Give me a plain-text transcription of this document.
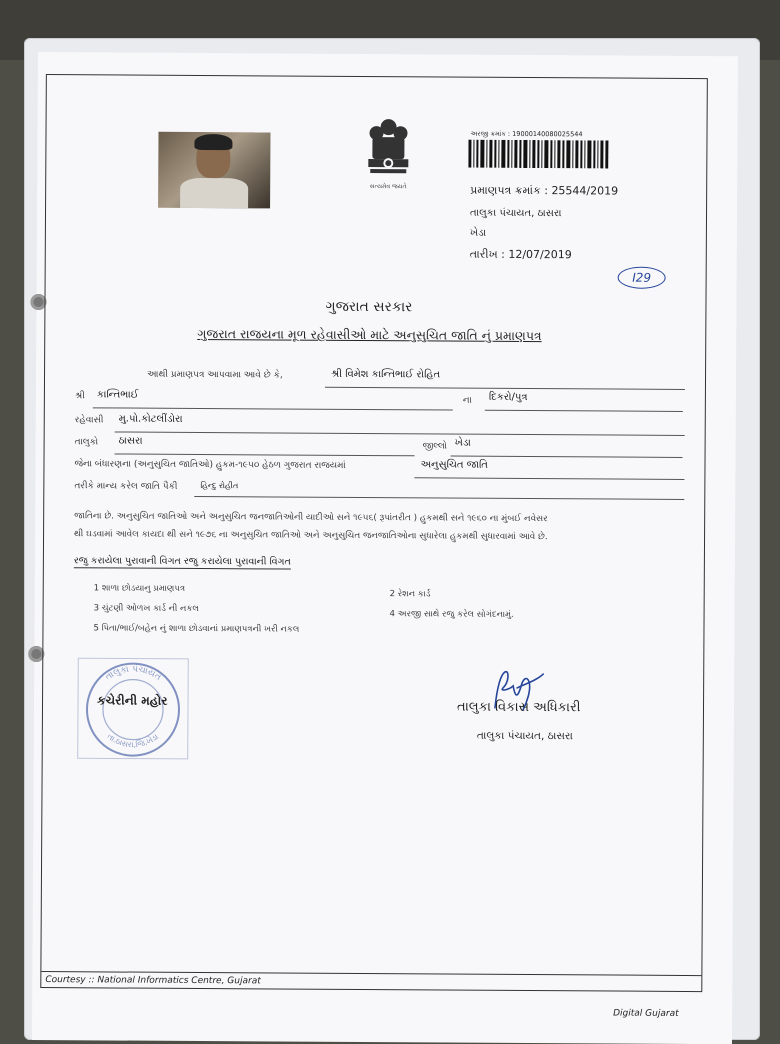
સત્યમેવ જયતે
અરજી ક્રમાંક : 19000140080025544
પ્રમાણપત્ર ક્રમાંક : 25544/2019
તાલુકા પંચાયત, ઠાસરા
ખેડા
તારીખ : 12/07/2019
I29
ગુજરાત સરકાર
ગુજરાત રાજયના મૂળ રહેવાસીઓ માટે અનુસુચિત જાતિ નું પ્રમાણપત્ર
આથી પ્રમાણપત્ર આપવામા આવે છે કે,	શ્રી વિમેશ કાન્તિભાઈ રોહિત
શ્રી કાન્તિભાઈ
ના દિકરો/પુત્ર
રહેવાસી મુ.પો.કોટલીંડોરા
તાલુકો ઠાસરા	જીલ્લો ખેડા
જેના બંધારણના (અનુસુચિત જાતિઓ) હુકમ-૧૯૫૦ હેઠળ ગુજરાત રાજયમાં	અનુસુચિત જાતિ
તરીકે માન્ય કરેલ જાતિ પૈકી	હિન્દુ રોહીત
જાતિના છે. અનુસુચિત જાતિઓ અને અનુસુચિત જનજાતિઓની યાદીઓ સને ૧૯૫૬( રૂપાંતરીત ) હુકમથી સને ૧૯૬૦ ના મુંબઈ નવેસર
થી ઘડવામાં આવેલ કાયદા થી સને ૧૯૭૬ ના અનુસુચિત જાતિઓ અને અનુસુચિત જનજાતિઓના સુધારેલા હુકમથી સુધારવામાં આવે છે.
રજુ કરાયેલા પુરાવાની વિગત રજુ કરાયેલા પુરાવાની વિગત
1 શાળા છોડયાનુ પ્રમાણપત્ર
2 રેશન કાર્ડ
3 ચુંટણી ઓળખ કાર્ડ ની નકલ
4 અરજી સાથે રજુ કરેલ સોગંદનામું.
5 પિતા/ભાઈ/બહેન નું શાળા છોડવાનાં પ્રમાણપત્રની ખરી નકલ
તાલુકા પંચાયત
તા.ઠાસરા,જિ.ખેડા
કચેરીની મહોર	તાલુકા વિકાસ અધિકારી
તાલુકા પંચાયત, ઠાસરા
Courtesy :: National Informatics Centre, Gujarat
Digital Gujarat
